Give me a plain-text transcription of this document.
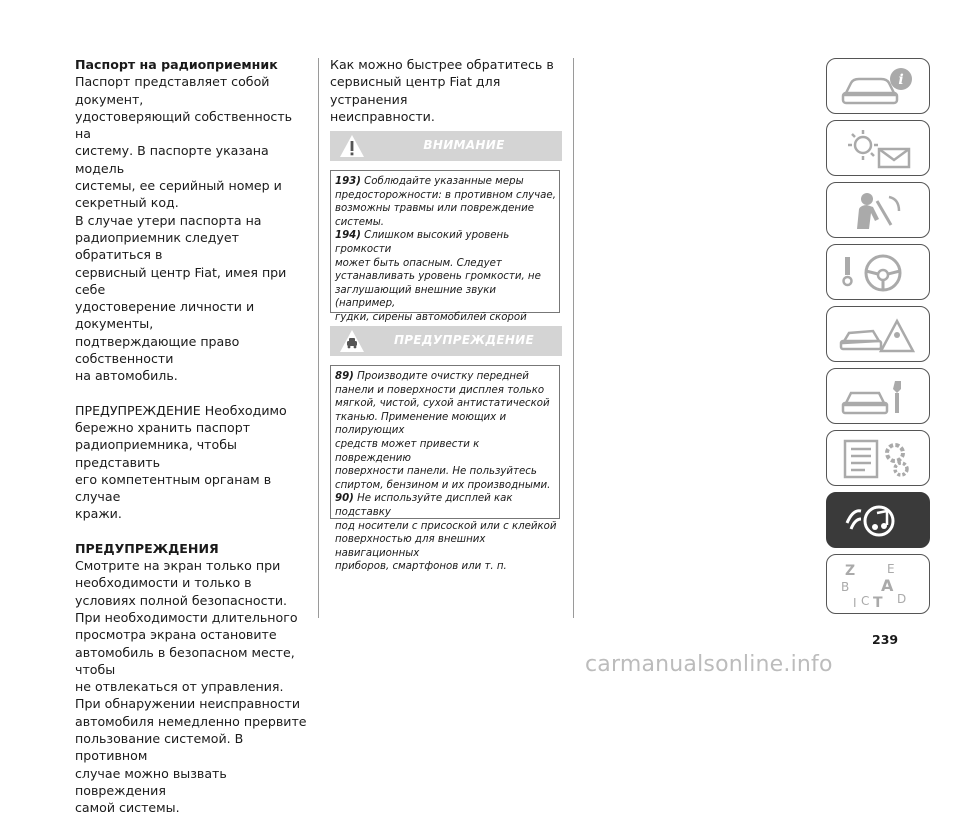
Паспорт на радиоприемник

Паспорт представляет собой документ,

удостоверяющий собственность на

систему. В паспорте указана модель

системы, ее серийный номер и

секретный код.

В случае утери паспорта на

радиоприемник следует обратиться в

сервисный центр Fiat, имея при себе

удостоверение личности и документы,

подтверждающие право собственности

на автомобиль.

ПРЕДУПРЕЖДЕНИЕ Необходимо

бережно хранить паспорт

радиоприемника, чтобы представить

его компетентным органам в случае

кражи.

ПРЕДУПРЕЖДЕНИЯ

Смотрите на экран только при

необходимости и только в

условиях полной безопасности.

При необходимости длительного

просмотра экрана остановите

автомобиль в безопасном месте, чтобы

не отвлекаться от управления.

При обнаружении неисправности

автомобиля немедленно прервите

пользование системой. В противном

случае можно вызвать повреждения

самой системы.

Как можно быстрее обратитесь в

сервисный центр Fiat для устранения

неисправности.

ВНИМАНИЕ

193) Соблюдайте указанные меры

предосторожности: в противном случае,

возможны травмы или повреждение

системы.

194) Слишком высокий уровень громкости

может быть опасным. Следует

устанавливать уровень громкости, не

заглушающий внешние звуки (например,

гудки, сирены автомобилей скорой

ПРЕДУПРЕЖДЕНИЕ

89) Производите очистку передней

панели и поверхности дисплея только

мягкой, чистой, сухой антистатической

тканью. Применение моющих и полирующих

средств может привести к повреждению

поверхности панели. Не пользуйтесь

спиртом, бензином и их производными.

90) Не используйте дисплей как подставку

под носители с присоской или с клейкой

поверхностью для внешних навигационных

приборов, смартфонов или т. п.

i
Z	E
B A
C T D
I
239
carmanualsonline.info
